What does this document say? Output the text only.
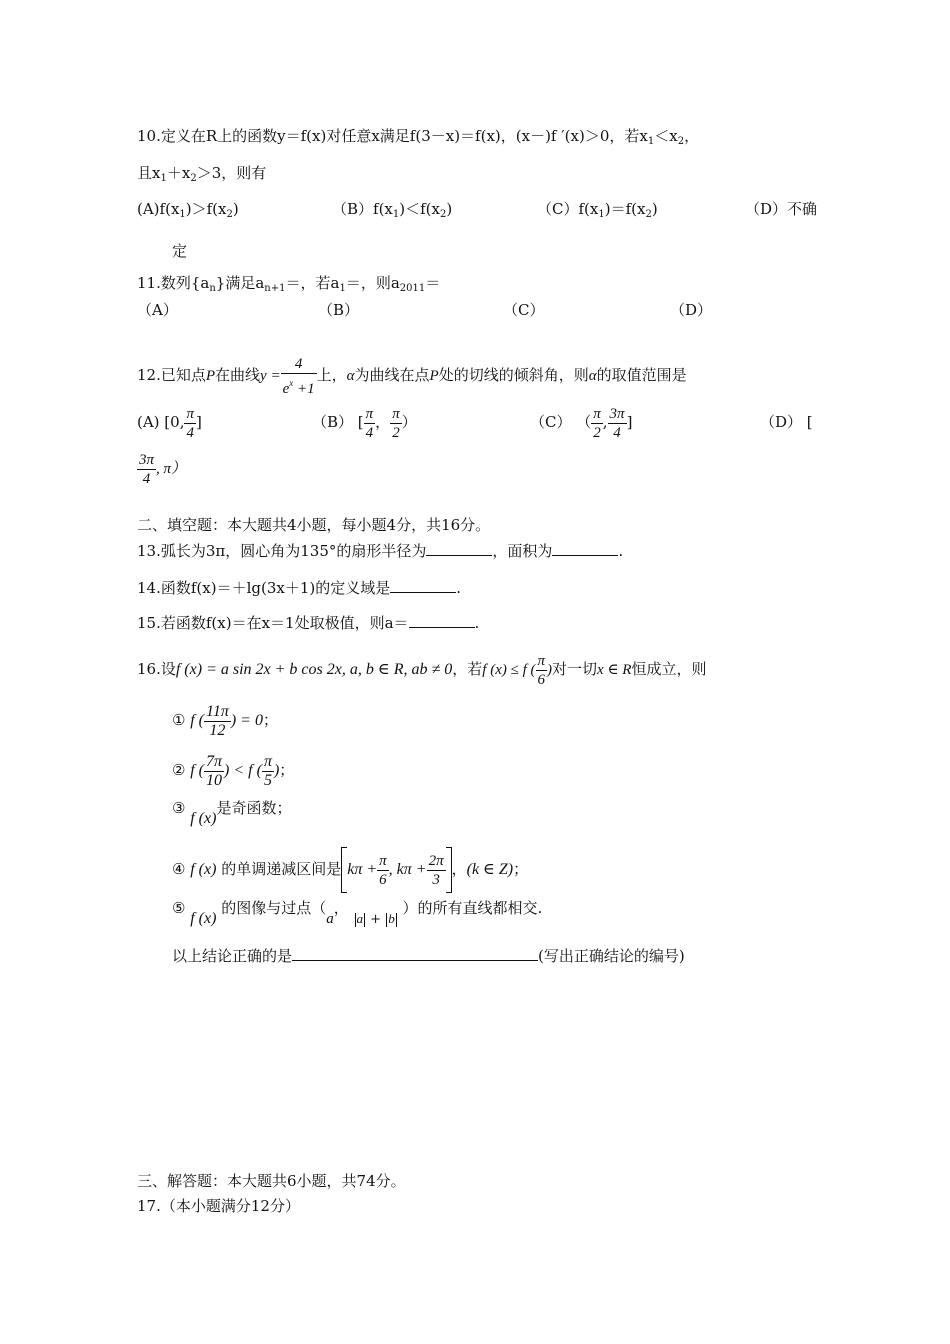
10.定义在R上的函数y＝f(x)对任意x满足f(3－x)＝f(x)，(x－)f ′(x)＞0，若$x_1<x_2$，
且$x_1+x_2>3$，则有
$(A)f(x_1)>f(x_2)$	$(B)f(x_1)<f(x_2)$	$(C)f(x_1)=f(x_2)$	（D）不确
定
11.数列$\{a_n\}$满足$a_{n+1}=$，若$a_1=$，则$a_{2011}=$
（A）	（B）	（C）	（D）
12.已知点P在曲线$y = \frac{4}{e^x +1}$ 上，α为曲线在点P处的切线的倾斜角，则α的取值范围是
(A) [0, $\frac{\pi}{4}$ ]	（B） [ $\frac{\pi}{4}$ ， $\frac{\pi}{2}$ ）	（C） （ $\frac{\pi}{2}$ , $\frac{3\pi}{4}$ ]	（D） [
$\frac{3\pi}{4}$ , π）
二、填空题：本大题共4小题，每小题4分，共16分。
13.弧长为3π，圆心角为135°的扇形半径为	，面积为	.
14.函数f(x)＝＋lg(3x＋1)的定义域是	.
15.若函数f(x)＝在x＝1处取极值，则a＝	.
16.设f (x) = a sin 2x + b cos 2x, a, b ∈ R, ab ≠ 0，若f (x) ≤ f ( $\frac{\pi}{6}$ )对一切x ∈ R恒成立，则
① f ( $\frac{11\pi}{12}$ ) = 0；
② f ( $\frac{7\pi}{10}$ ) < f ( $\frac{\pi}{5}$ )；
③ f (x)是奇函数；
④ f (x) 的单调递减区间是 $k\pi + \frac{\pi}{6}$ , $k\pi + \frac{2\pi}{3}$ ，(k ∈ Z)；
⑤ f (x) 的图像与过点（a， a + b ）的所有直线都相交.
以上结论正确的是	(写出正确结论的编号)
三、解答题：本大题共6小题，共74分。
17.（本小题满分12分）
